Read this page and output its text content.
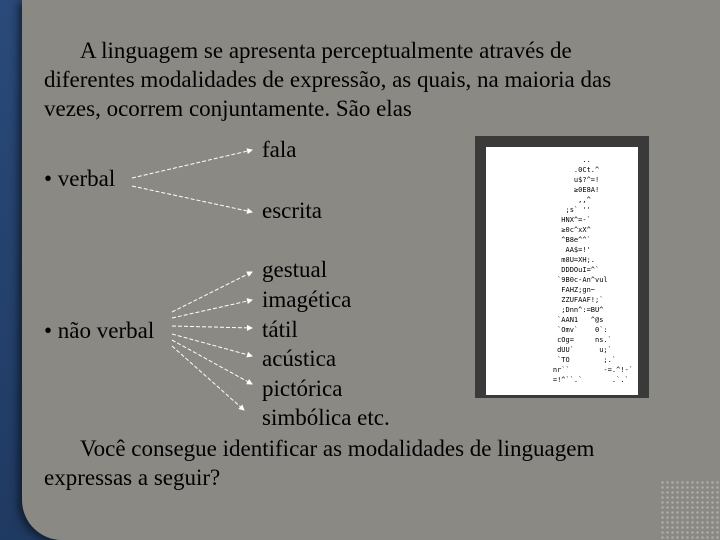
A linguagem se apresenta perceptualmente através de
diferentes modalidades de expressão, as quais, na maioria das
vezes, ocorrem conjuntamente. São elas
• verbal
fala
escrita
• não verbal
gestual
imagética
tátil
acústica
pictórica
simbólica etc.
..
.0Ct.^
u$?^=!
≥0E8A!
,,^
;s` ''
HNX^=-`
≥0c^xX^
^B8e^^`
AA$=!'
m8U=XH;.
DDDOuI=^`
`9B0c-An^vul
FAHZ;gn~
ZZUFAAF!;`
;Dnn^:=BU^
`AAN1   ^@s
`Omv`    0`:
cOg=     ns.`
dUU`      u;`
`TO        ;.`
nr``        -=.^!-`
=!^``.`       .`.`
Você consegue identificar as modalidades de linguagem
expressas a seguir?
